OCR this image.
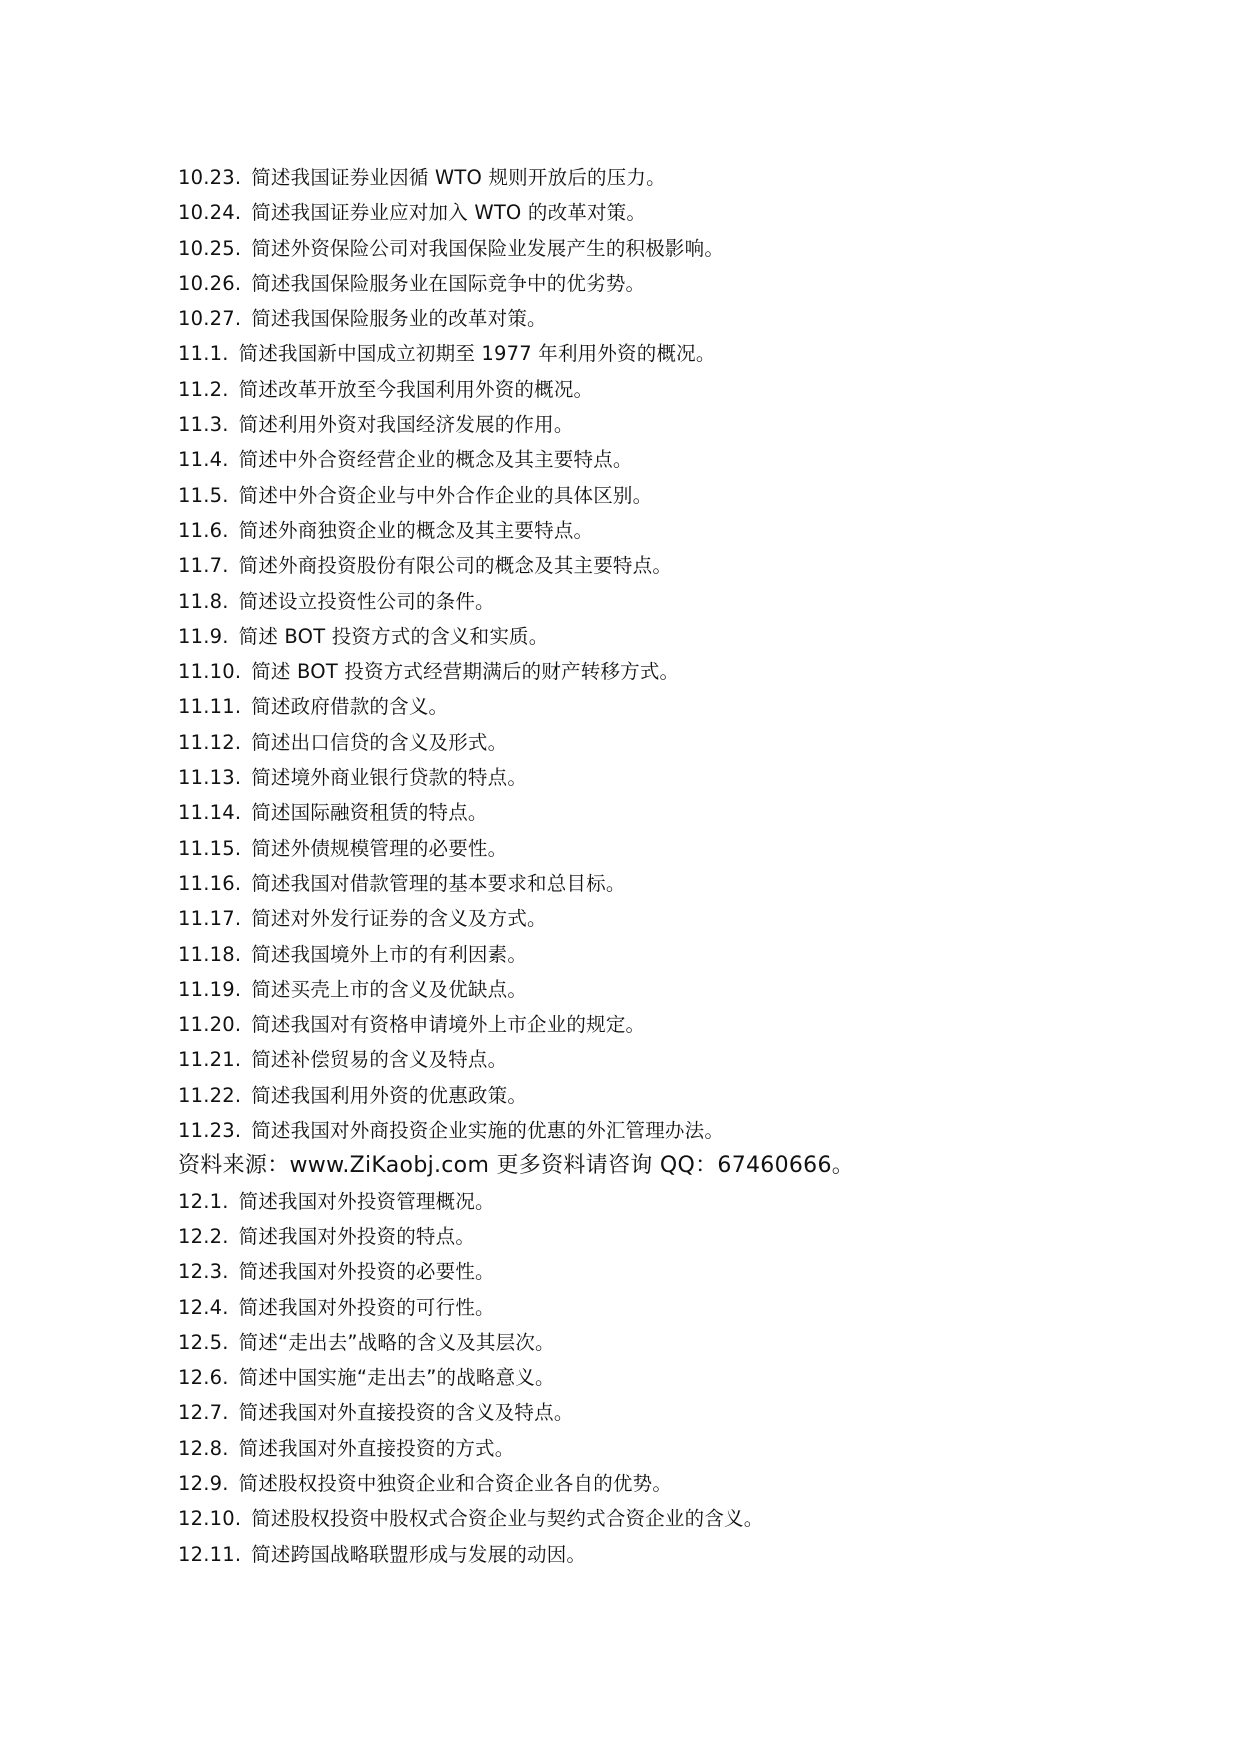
10.23. 简述我国证券业因循 WTO 规则开放后的压力。
10.24. 简述我国证券业应对加入 WTO 的改革对策。
10.25. 简述外资保险公司对我国保险业发展产生的积极影响。
10.26. 简述我国保险服务业在国际竞争中的优劣势。
10.27. 简述我国保险服务业的改革对策。
11.1. 简述我国新中国成立初期至 1977 年利用外资的概况。
11.2. 简述改革开放至今我国利用外资的概况。
11.3. 简述利用外资对我国经济发展的作用。
11.4. 简述中外合资经营企业的概念及其主要特点。
11.5. 简述中外合资企业与中外合作企业的具体区别。
11.6. 简述外商独资企业的概念及其主要特点。
11.7. 简述外商投资股份有限公司的概念及其主要特点。
11.8. 简述设立投资性公司的条件。
11.9. 简述 BOT 投资方式的含义和实质。
11.10. 简述 BOT 投资方式经营期满后的财产转移方式。
11.11. 简述政府借款的含义。
11.12. 简述出口信贷的含义及形式。
11.13. 简述境外商业银行贷款的特点。
11.14. 简述国际融资租赁的特点。
11.15. 简述外债规模管理的必要性。
11.16. 简述我国对借款管理的基本要求和总目标。
11.17. 简述对外发行证券的含义及方式。
11.18. 简述我国境外上市的有利因素。
11.19. 简述买壳上市的含义及优缺点。
11.20. 简述我国对有资格申请境外上市企业的规定。
11.21. 简述补偿贸易的含义及特点。
11.22. 简述我国利用外资的优惠政策。
11.23. 简述我国对外商投资企业实施的优惠的外汇管理办法。
资料来源：www.ZiKaobj.com 更多资料请咨询 QQ：67460666。
12.1. 简述我国对外投资管理概况。
12.2. 简述我国对外投资的特点。
12.3. 简述我国对外投资的必要性。
12.4. 简述我国对外投资的可行性。
12.5. 简述“走出去”战略的含义及其层次。
12.6. 简述中国实施“走出去”的战略意义。
12.7. 简述我国对外直接投资的含义及特点。
12.8. 简述我国对外直接投资的方式。
12.9. 简述股权投资中独资企业和合资企业各自的优势。
12.10. 简述股权投资中股权式合资企业与契约式合资企业的含义。
12.11. 简述跨国战略联盟形成与发展的动因。
